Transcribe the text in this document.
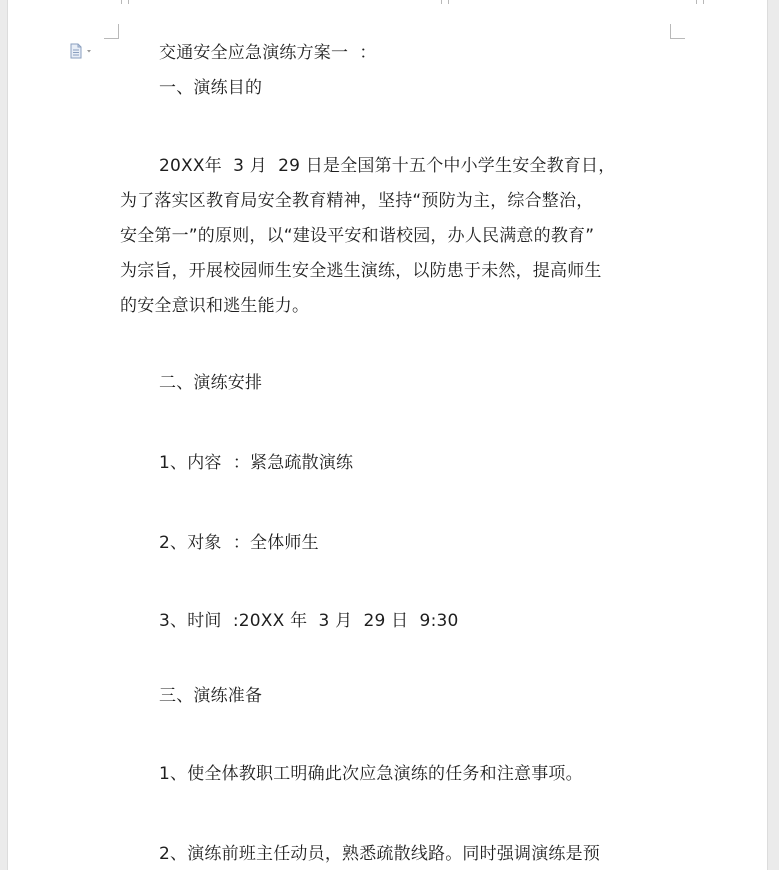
交通安全应急演练方案一  ：
一、演练目的
20XX年  3 月  29 日是全国第十五个中小学生安全教育日，
为了落实区教育局安全教育精神，坚持“预防为主，综合整治，
安全第一”的原则，以“建设平安和谐校园，办人民满意的教育”
为宗旨，开展校园师生安全逃生演练，以防患于未然，提高师生
的安全意识和逃生能力。
二、演练安排
1、内容  ：紧急疏散演练
2、对象  ：全体师生
3、时间  :20XX 年  3 月  29 日  9:30
三、演练准备
1、使全体教职工明确此次应急演练的任务和注意事项。
2、演练前班主任动员，熟悉疏散线路。同时强调演练是预
